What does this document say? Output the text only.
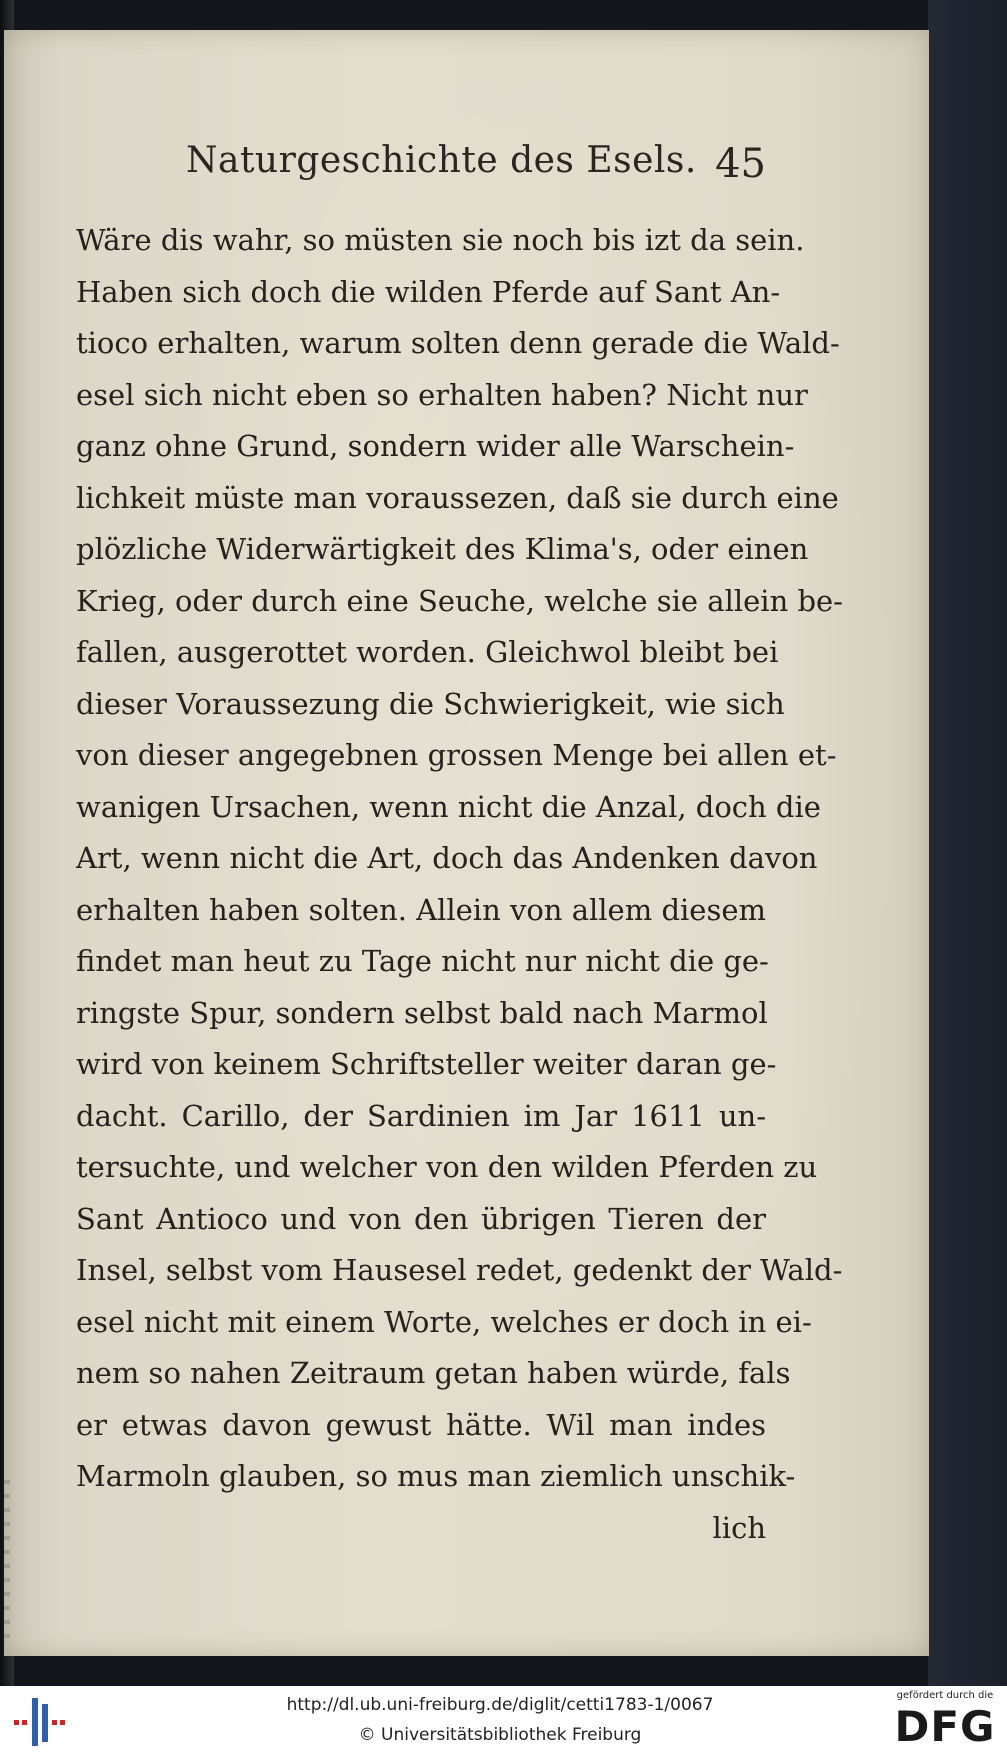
Naturgeschichte des Esels. 45
Wäre dis wahr, so müsten sie noch bis izt da sein.
Haben sich doch die wilden Pferde auf Sant An-
tioco erhalten, warum solten denn gerade die Wald-
esel sich nicht eben so erhalten haben? Nicht nur
ganz ohne Grund, sondern wider alle Warschein-
lichkeit müste man voraussezen, daß sie durch eine
plözliche Widerwärtigkeit des Klima's, oder einen
Krieg, oder durch eine Seuche, welche sie allein be-
fallen, ausgerottet worden. Gleichwol bleibt bei
dieser Voraussezung die Schwierigkeit, wie sich
von dieser angegebnen grossen Menge bei allen et-
wanigen Ursachen, wenn nicht die Anzal, doch die
Art, wenn nicht die Art, doch das Andenken davon
erhalten haben solten. Allein von allem diesem
findet man heut zu Tage nicht nur nicht die ge-
ringste Spur, sondern selbst bald nach Marmol
wird von keinem Schriftsteller weiter daran ge-
dacht. Carillo, der Sardinien im Jar 1611 un-
tersuchte, und welcher von den wilden Pferden zu
Sant Antioco und von den übrigen Tieren der
Insel, selbst vom Hausesel redet, gedenkt der Wald-
esel nicht mit einem Worte, welches er doch in ei-
nem so nahen Zeitraum getan haben würde, fals
er etwas davon gewust hätte. Wil man indes
Marmoln glauben, so mus man ziemlich unschik-
lich
http://dl.ub.uni-freiburg.de/diglit/cetti1783-1/0067
© Universitätsbibliothek Freiburg
gefördert durch die
DFG
